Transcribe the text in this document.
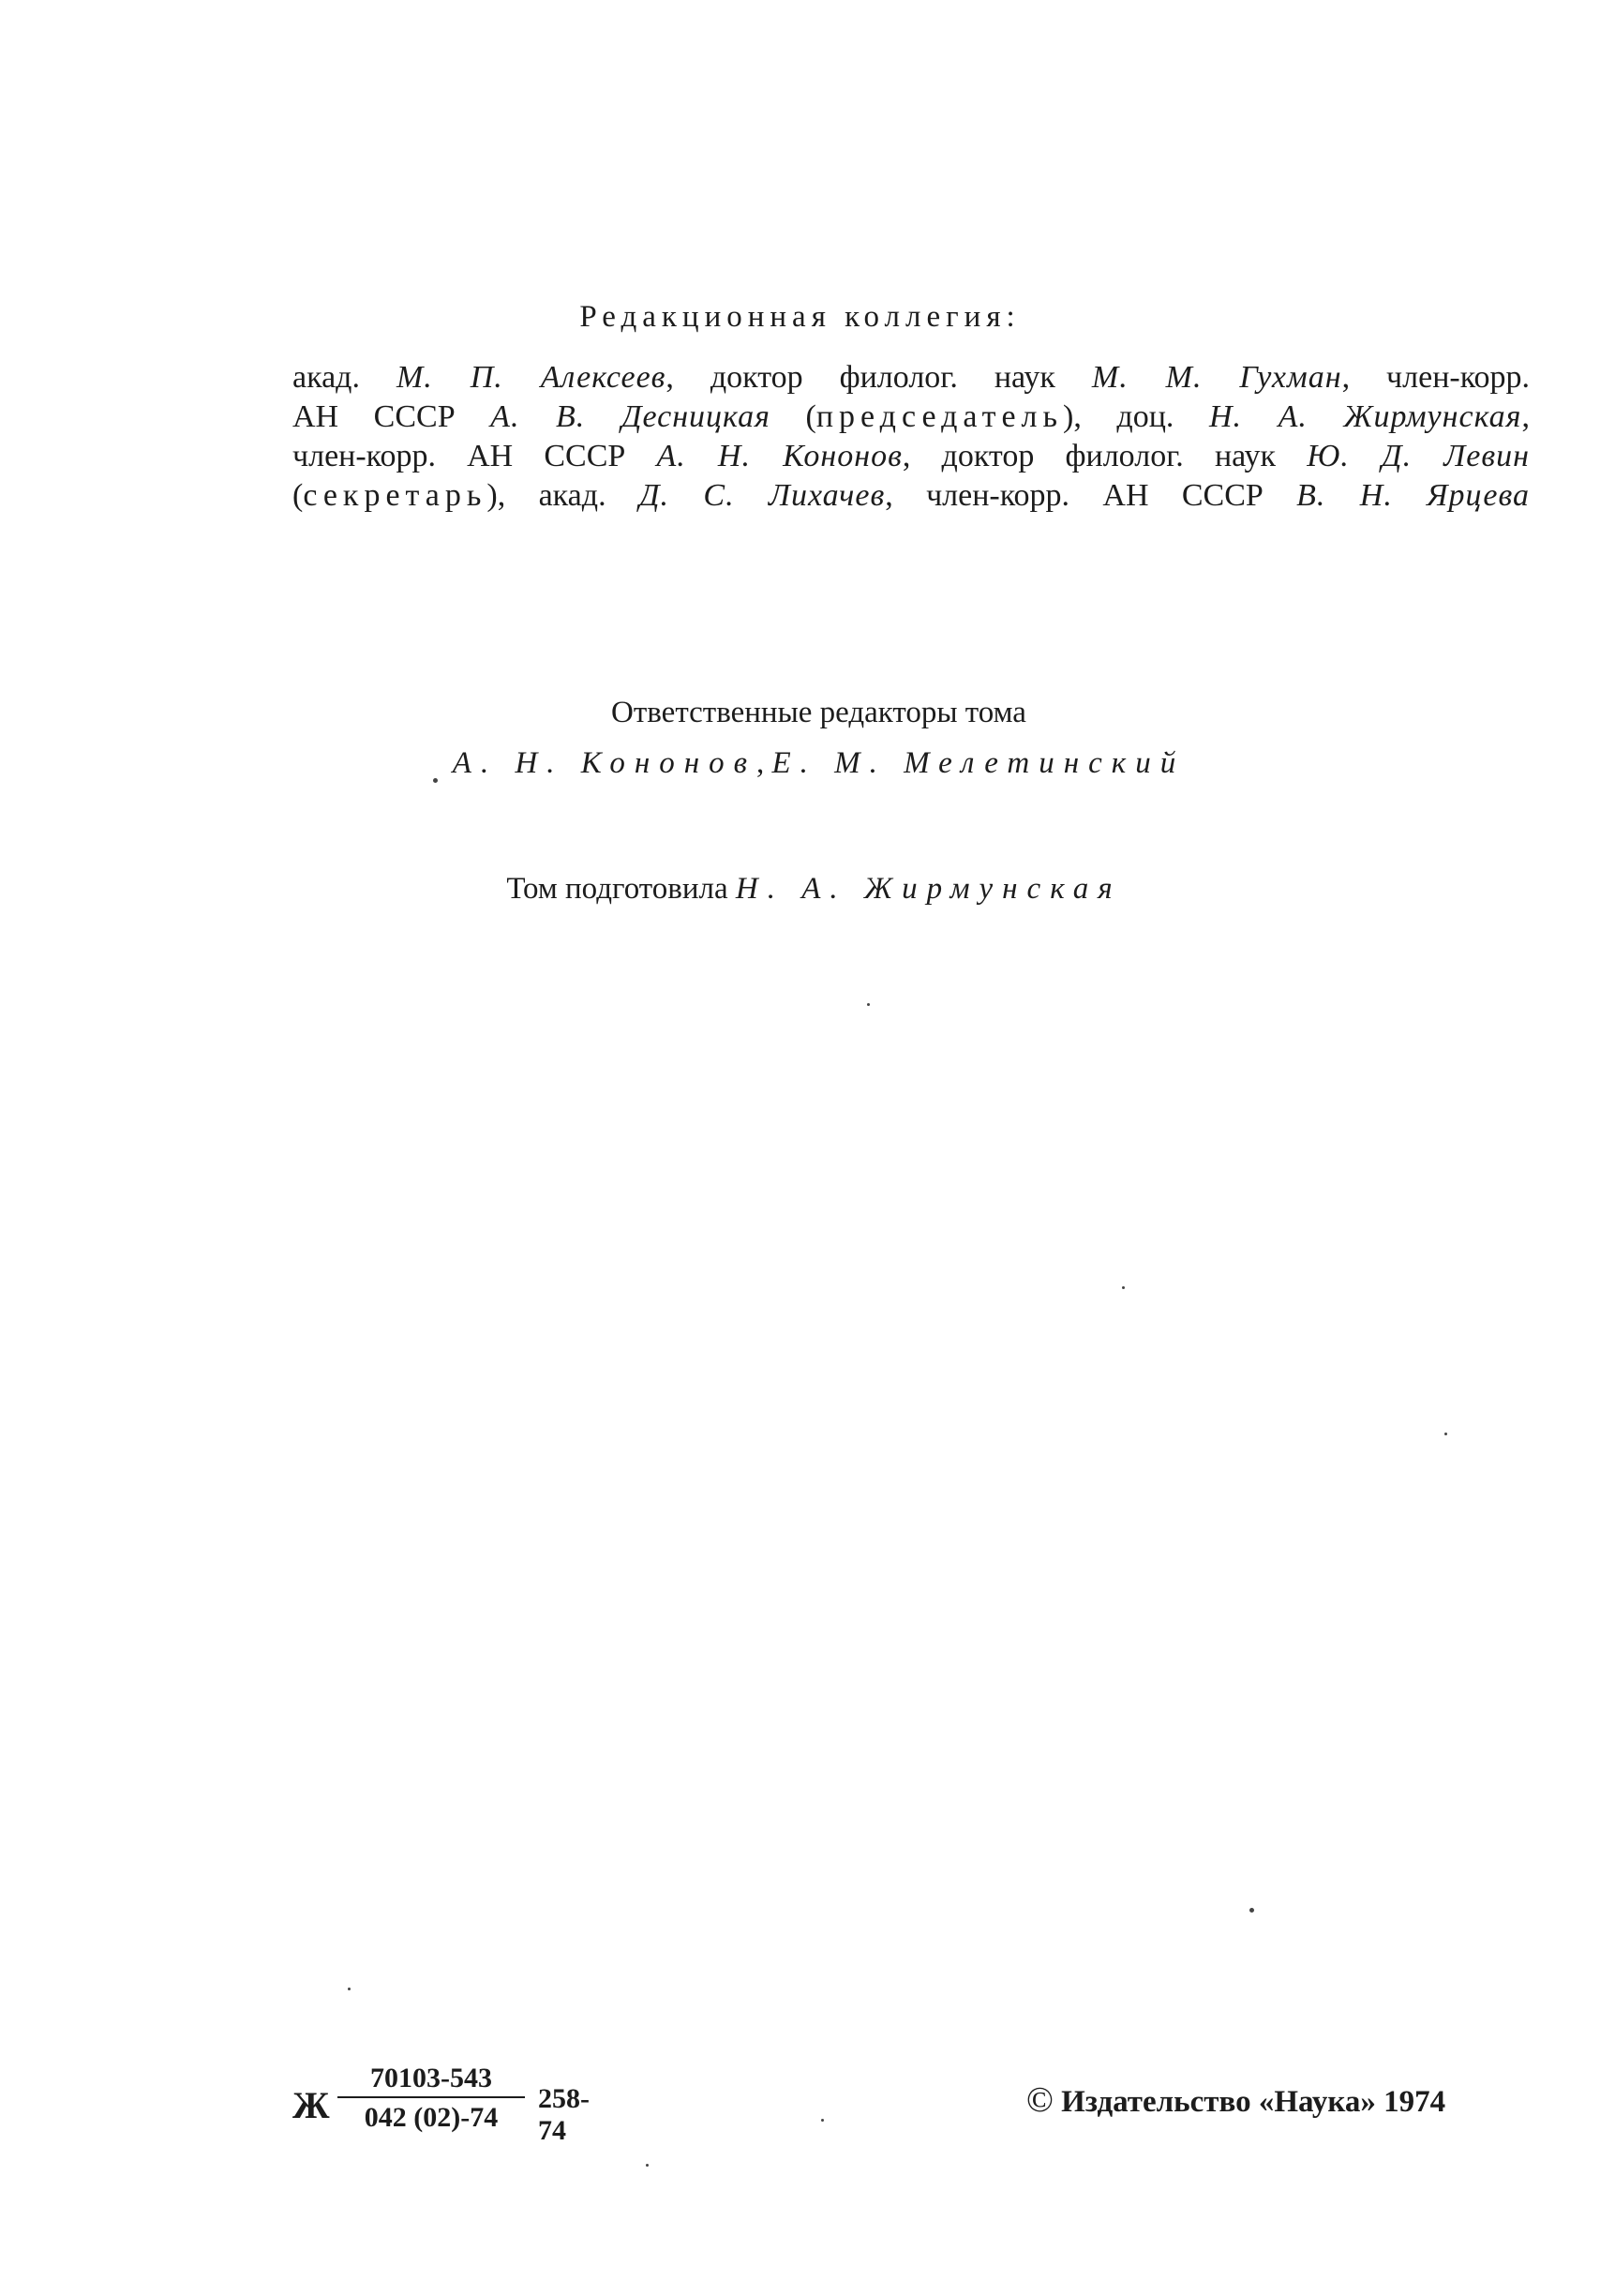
Редакционная коллегия:
акад. М. П. Алексеев, доктор филолог. наук М. М. Гухман, член-корр.
АН СССР А. В. Десницкая (председатель), доц. Н. А. Жирмунская,
член-корр. АН СССР А. Н. Кононов, доктор филолог. наук Ю. Д. Левин
(секретарь), акад. Д. С. Лихачев, член-корр. АН СССР В. Н. Ярцева
Ответственные редакторы тома
А. Н. Кононов, Е. М. Мелетинский
Том подготовила Н. А. Жирмунская
Ж $\frac{70103-543}{042 (02)-74} 258-74$
© Издательство «Наука» 1974
